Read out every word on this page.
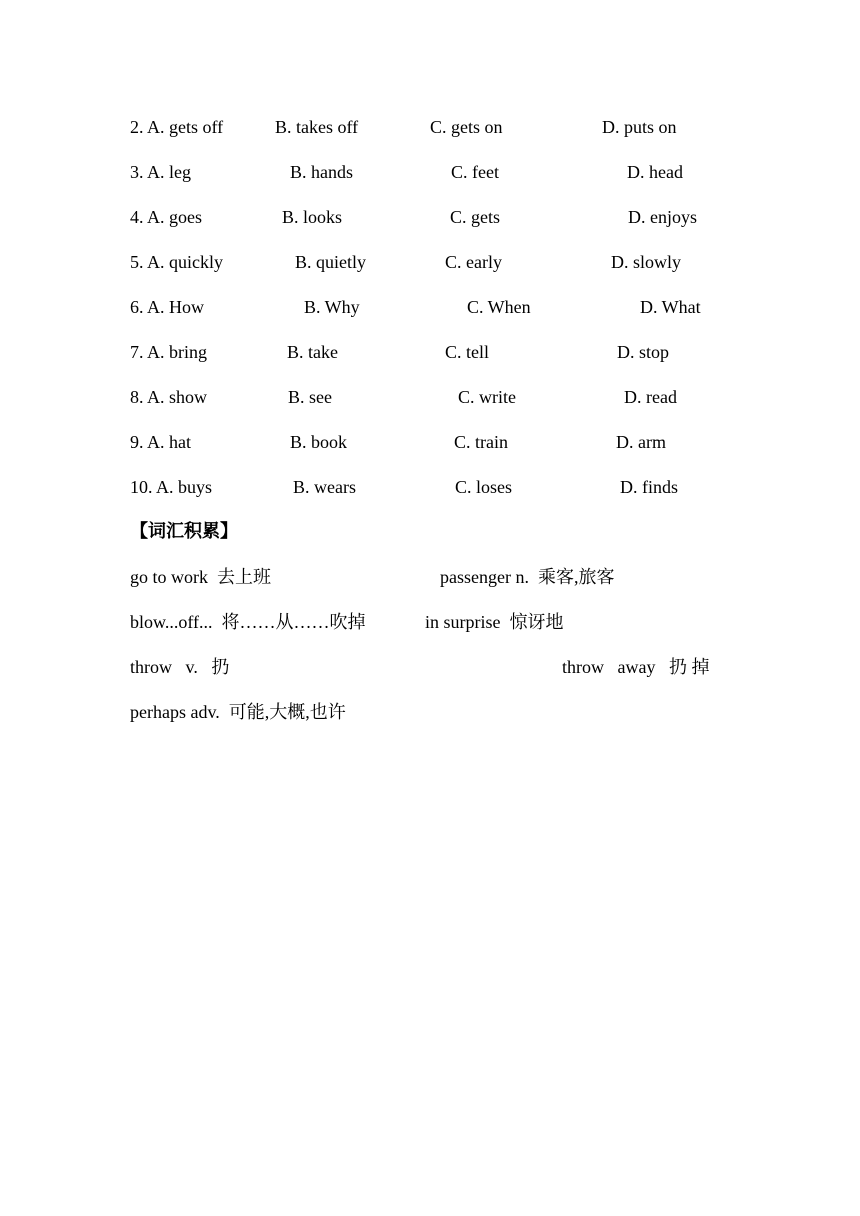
2. A. gets off	B. takes off	C. gets on	D. puts on
3. A. leg	B. hands	C. feet	D. head
4. A. goes	B. looks	C. gets	D. enjoys
5. A. quickly	B. quietly	C. early	D. slowly
6. A. How	B. Why	C. When	D. What
7. A. bring	B. take	C. tell	D. stop
8. A. show	B. see	C. write	D. read
9. A. hat	B. book	C. train	D. arm
10. A. buys	B. wears	C. loses	D. finds
【词汇积累】
go to work  去上班	passenger n.  乘客,旅客
blow...off...  将……从……吹掉	in surprise  惊讶地
throw   v.   扔	throw   away   扔 掉
perhaps adv.  可能,大概,也许
